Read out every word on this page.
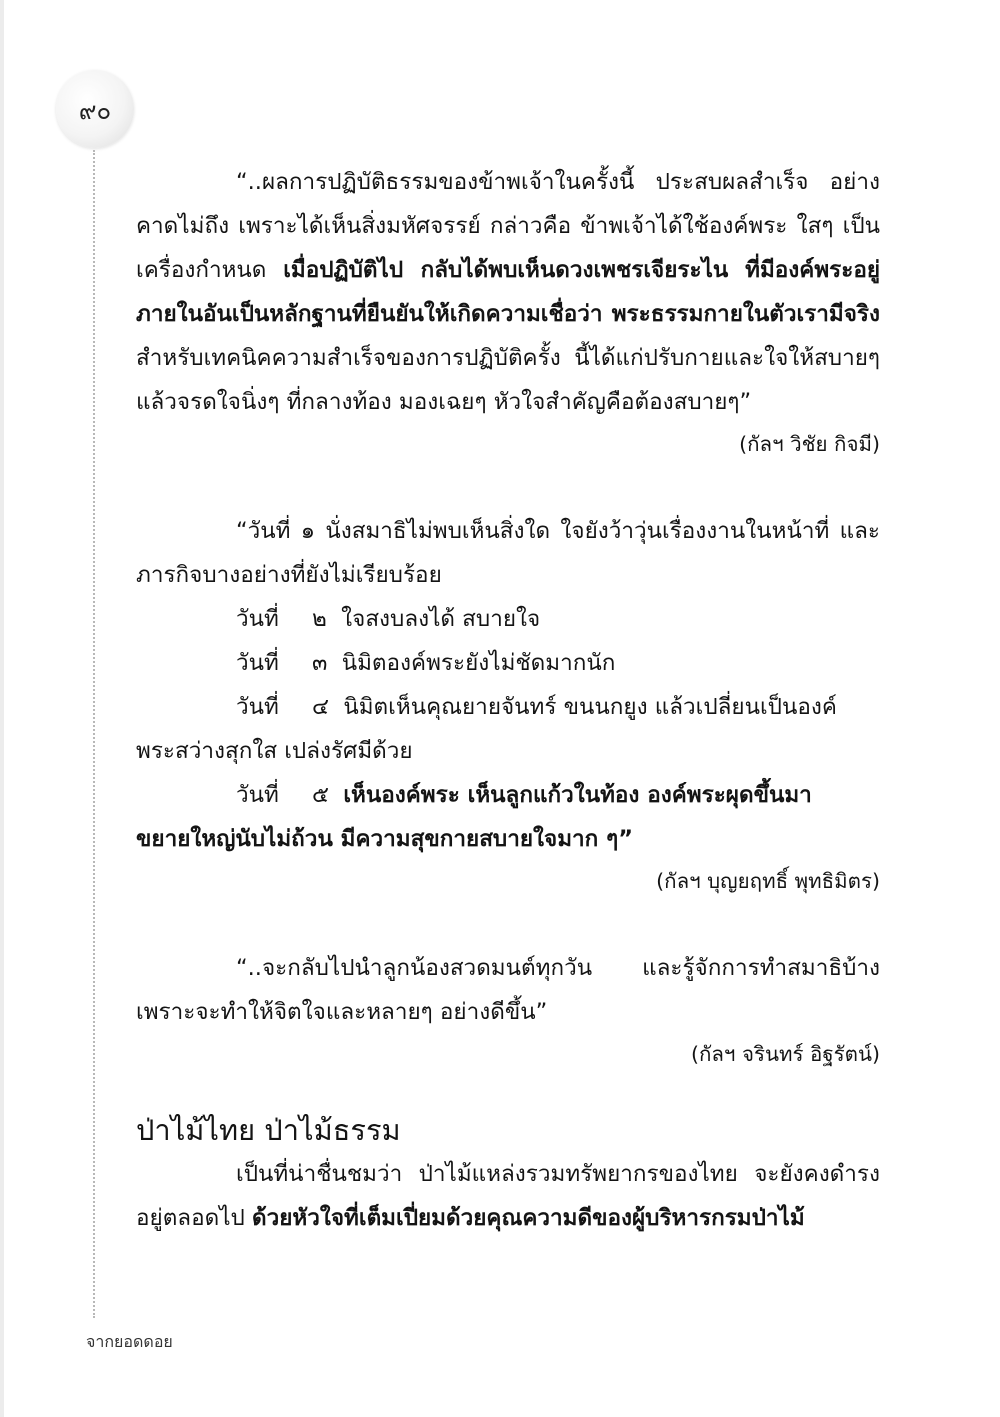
๙๐

“..ผลการปฏิบัติธรรมของข้าพเจ้าในครั้งนี้ ประสบผลสำเร็จ อย่างคาดไม่ถึง เพราะได้เห็นสิ่งมหัศจรรย์ กล่าวคือ ข้าพเจ้าได้ใช้องค์พระ ใสๆ เป็นเครื่องกำหนด เมื่อปฏิบัติไป กลับได้พบเห็นดวงเพชรเจียระไน ที่มีองค์พระอยู่ภายในอันเป็นหลักฐานที่ยืนยันให้เกิดความเชื่อว่า พระธรรมกายในตัวเรามีจริง สำหรับเทคนิคความสำเร็จของการปฏิบัติครั้ง นี้ได้แก่ปรับกายและใจให้สบายๆ แล้วจรดใจนิ่งๆ ที่กลางท้อง มองเฉยๆ หัวใจสำคัญคือต้องสบายๆ”

(กัลฯ วิชัย กิจมี)

“วันที่ ๑ นั่งสมาธิไม่พบเห็นสิ่งใด ใจยังว้าวุ่นเรื่องงานในหน้าที่ และภารกิจบางอย่างที่ยังไม่เรียบร้อย

วันที่ ๒ ใจสงบลงได้ สบายใจ

วันที่ ๓ นิมิตองค์พระยังไม่ชัดมากนัก

วันที่ ๔ นิมิตเห็นคุณยายจันทร์ ขนนกยูง แล้วเปลี่ยนเป็นองค์

พระสว่างสุกใส เปล่งรัศมีด้วย

วันที่ ๕ เห็นองค์พระ เห็นลูกแก้วในท้อง องค์พระผุดขึ้นมา

ขยายใหญ่นับไม่ถ้วน มีความสุขกายสบายใจมาก ๆ”

(กัลฯ บุญยฤทธิ์ พุทธิมิตร)

“..จะกลับไปนำลูกน้องสวดมนต์ทุกวัน และรู้จักการทำสมาธิบ้าง เพราะจะทำให้จิตใจและหลายๆ อย่างดีขึ้น”

(กัลฯ จรินทร์ อิฐรัตน์)

ป่าไม้ไทย ป่าไม้ธรรม

เป็นที่น่าชื่นชมว่า ป่าไม้แหล่งรวมทรัพยากรของไทย จะยังคงดำรง อยู่ตลอดไป ด้วยหัวใจที่เต็มเปี่ยมด้วยคุณความดีของผู้บริหารกรมป่าไม้

จากยอดดอย
